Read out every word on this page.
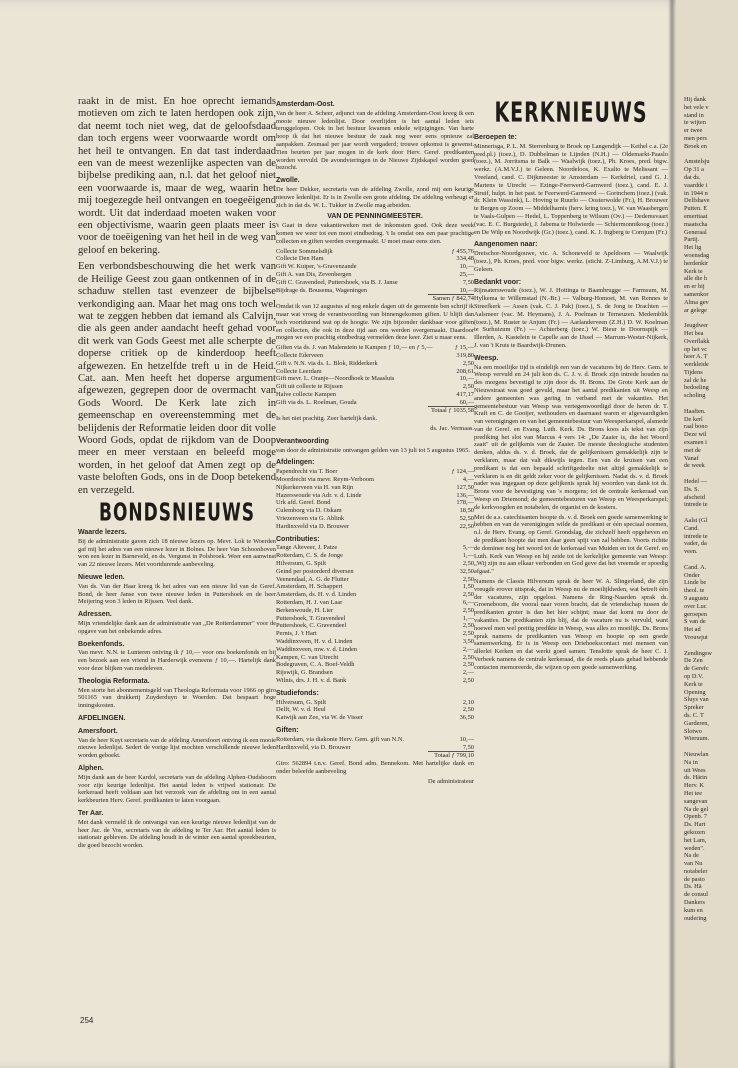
raakt in de mist. En hoe oprecht iemands motieven om zich te laten herdopen ook zijn, dat neemt toch niet weg, dat de geloofsdaad dan toch ergens weer voorwaarde wordt om het heil te ontvangen. En dat tast inderdaad een van de meest wezenlijke aspecten van de bijbelse prediking aan, n.l. dat het geloof niet een voorwaarde is, maar de weg, waarin het mij toegezegde heil ontvangen en toegeëigend wordt. Uit dat inderdaad moeten waken voor een objectivisme, waarin geen plaats meer is voor de toeëigening van het heil in de weg van geloof en bekering.

Een verbondsbeschouwing die het werk van de Heilige Geest zou gaan ontkennen of in de schaduw stellen tast evenzeer de bijbelse verkondiging aan. Maar het mag ons toch wel wat te zeggen hebben dat iemand als Calvijn, die als geen ander aandacht heeft gehad voor dit werk van Gods Geest met alle scherpte de doperse critiek op de kinderdoop heeft afgewezen. En hetzelfde treft u in de Heid. Cat. aan. Men heeft het doperse argument afgewezen, gegrepen door de overmacht van Gods Woord. De Kerk late zich in gemeenschap en overeenstemming met de belijdenis der Reformatie leiden door dit volle Woord Gods, opdat de rijkdom van de Doop meer en meer verstaan en beleefd moge worden, in het geloof dat Amen zegt op de vaste beloften Gods, ons in de Doop betekend en verzegeld.

BONDSNIEUWS
Waarde lezers.

Bij de administratie gaven zich 18 nieuwe lezers op. Mevr. Lok te Woerden gaf mij het adres van een nieuwe lezer in Bolnes. De heer Van Schoonhoven won een lezer in Barneveld, en ds. Vergunst in Polsbroek. Weer een aanwinst van 22 nieuwe lezers. Met voortdurende aanbeveling.

Nieuwe leden.

Van ds. Van der Haar kreeg ik het adres van een nieuw lid van de Geref. Bond, de heer Janse von twee nieuwe leden in Puttershoek en de heer Meijering won 3 leden in Rijssen. Veel dank.

Adressen.

Mijn vriendelijke dank aan de administratie van „De Rotterdammer" voor de opgave van het onbekende adres.

Boekenfonds.

Van mevr. N.N. te Lunteren ontving ik ƒ 10,— voor ons boekenfonds en bij een bezoek aan een vriend in Harderwijk eveneens ƒ 10,—. Hartelijk dank voor deze blijken van medeleven.

Theologia Reformata.

Men storte het abonnementsgeld van Theologia Reformata voor 1966 op giro 501165 van drukkerij Zuyderduyn te Woerden. Dat bespaart hoge inningskosten.

AFDELINGEN.
Amersfoort.

Van de heer Kuyt secretaris van de afdeling Amersfoort ontving ik een mooie nieuwe ledenlijst. Sedert de vorige lijst mochten verschillende nieuwe leden worden geboekt.

Alphen.

Mijn dank aan de heer Kardol, secretaris van de afdeling Alphen-Oudshoorn voor zijn keurige ledenlijst. Het aantal leden is vrijwel stationair. De kerkeraad heeft voldaan aan het verzoek van de afdeling om in een aantal kerkbeurten Herv. Geref. predikanten te laten voorgaan.

Ter Aar.

Met dank vermeld ik de ontvangst van een keurige nieuwe ledenlijst van de heer Jac. de Vos, secretaris van de afdeling te Ter Aar. Het aantal leden is stationair gebleven. De afdeling houdt in de winter een aantal spreekbeurten, die goed bezocht worden.

Amsterdam-Oost.

Van de heer A. Scheer, adjunct van de afdeling Amsterdam-Oost kreeg ik een mooie nieuwe ledenlijst. Door overlijden is het aantal leden iets teruggelopen. Ook in het bestuur kwamen enkele wijzigingen. Van harte hoop ik dat het nieuwe bestuur de zaak nog weer eens opnieuw zal aanpakken. Zesmaal per jaar wordt vergaderd; trouwe opkomst is gewenst. Tien beurten per jaar mogen in de kerk door Herv. Geref. predikanten worden vervuld. De avondvieringen in de Nieuwe Zijdskapel worden goed bezocht.

Zwolle.

De heer Dekker, secretaris van de afdeling Zwolle, zond mij een keurige nieuwe ledenlijst. Er is in Zwolle een grote afdeling. De afdeling verheugt er zich in dat ds. W. L. Tukker in Zwolle mag arbeiden.

VAN DE PENNINGMEESTER.

't Gaat in deze vakantieweken met de inkomsten goed. Ook deze week komen we weer tot een mooi eindbedrag. 't Is omdat ons een paar prachtige collecten en giften werden overgemaakt. U moet maar eens zien.

Collecte Sommelsdijk	ƒ 455,76
Collecte Den Ham	334,48
Gift W. Kuiper, 's-Gravenzande	10,—
Gift A. van Dis, Zevenbergen	25,—
Gift C. Gravendeel, Puttershoek, via B. J. Janse	7,50
Bijdrage ds. Bousema, Wageningen	10,—
Samen ƒ 842,74

Omdat ik van 12 augustus af nog enkele dagen uit de gemeente ben schrijf ik maar wat vroeg de verantwoording van binnengekomen giften. U blijft dan toch voortdurend wat op de hoogte. We zijn bijzonder dankbaar voor giften en collecten, die ook in deze tijd aan ons werden overgemaakt. Daardoor mogen we een prachtig eindbedrag vermelden deze keer. Ziet u maar eens.

Giften via ds. J. van Malenstein te Kampen ƒ 10,— en ƒ 5,—	ƒ 15,—
Collecte Ederveen	319,80
Gift v. N.N. via ds. L. Blok, Ridderkerk	2,50
Collecte Leerdam	208,61
Gift mevr. L. Oranje—Noordhoek te Maasluis	10,—
Gift uit collecte te Rijssen	2,50
Halve collecte Kampen	417,17
Gift via ds. L. Roelman, Gouda	60,—
Totaal ƒ 1035,58

Is het niet prachtig. Zeer hartelijk dank.

ds. Jac. Vermaas.
Verantwoording

van door de administratie ontvangen gelden van 13 juli tot 5 augustus 1965.

Afdelingen:
Papendrecht via T. Boer	ƒ 124,—
Moordrecht via mevr. Reym-Verboom	4,—
Nijkerkerveen via H. van Rijn	127,50
Hazerswoude via Adr. v. d. Linde	136,—
Urk afd. Geref. Bond	178,—
Culemborg via D. Oskam	18,50
Vriezenveen via G. Ablink	52,50
Hardinxveld via D. Brouwer	22,50
Contributies:
Tange Alteveer, J. Patze	5,—
Rotterdam, C. S. de Jonge	1,—
Hilversum, G. Spilt	2,50
Geind per postorderd diversen	32,50
Veenendaal, A. G. de Fluiter	2,50
Amsterdam, H. Schappert	1,50
Amsterdam, ds. H. v. d. Linden	2,50
Rotterdam, H. J. van Laar	6,—
Berkenwoude, H. Lier	2,50
Puttershoek, T. Gravendeel	1,—
Puttershoek, C. Gravendeel	2,50
Pernis, J. 't Hart	2,50
Waddinxveen, H. v. d. Linden	3,50
Waddinxveen, mw. v. d. Linden	2,—
Kampen, C. van Utrecht	2,50
Bodegraven, C. A. Boef-Veldh	2,50
Rijswijk, G. Brandsen	2,—
Wilnis, drs. J. H. v. d. Bank	2,50
Studiefonds:
Hilversum, G. Spilt	2,10
Delft, W. v. d. Heul	2,50
Katwijk aan Zee, via W. de Visser	36,50
Giften:
Rotterdam, via diakonie Herv. Gem. gift van N.N.	10,—
Hardinxveld, via D. Brouwer	7,50
Totaal ƒ 799,10

Giro: 562894 t.n.v. Geref. Bond adm. Bennekom. Met hartelijke dank en onder beleefde aanbeveling

De administrateur
KERKNIEUWS
Beroepen te:

Minnertsga, P. L. M. Sterrenburg te Broek op Langendijk — Kethel c.a. (2e pred.pl.) (toez.), D. Dubbelman te Lijnden (N.H.) — Oldemarkt-Paaslo (toez.), M. Jorritsma te Balk — Waalwijk (toez.), Ph. Kroes, pred. btgw. werkz. (A.M.V.J.) te Geleen. Noordeloos, K. Exalto te Melissant — Vreeland, cand. C. Dijkmeester te Amsterdam — Kerkdriel, cand G. J. Martens te Utrecht — Ezinge-Feerwerd-Garnwerd (toez.), cand. E. J. Struif, hulpt. in het past. te Feerwerd-Garnwerd — Gorinchem (toez.) (vak. dr. Klein Wassink), L. Hoving te Ruurlo — Oosterwolde (Fr.), H. Brouwer te Bergen op Zoom — Middelharnis (herv. kring toez.), W. van Waasbergen te Vaals-Gulpen — Hedel, L. Toppenberg te Wilsum (Ov.) — Dedemsvaart (vac. E. C. Burgstede), J. Jabema te Holwierde — Schiermonnikoog (toez.) en De Wilp en Noordwijk (Gr.) (toez.), cand. K. J. Ingberg te Cornjum (Fr.)

Aangenomen naar:

Dreischor-Noordgouwe, vic. A. Schoneveld te Apeldoorn — Waalwijk (toez.), Ph. Kroes, pred. voor bigw. werkz. (sticht. Z-Limburg, A.M.V.J.) te Geleen.

Bedankt voor:

Rijnsaterswoude (toez.), W. J. Hottinga te Baambrugge — Farmsum, M. Hylkema te Willemstad (N.-Br.) — Valburg-Homoet, M. van Rennes te Streefkerk — Assen (vak. C. J. Pak) (toez.), S. de Jong te Drachten — Aalsmeer (vac. M. Heymans), J. A. Poelman te Terneuzen. Medemblik (toez.), M. Ruster te Anjum (Fr.) — Aarlanderveen (Z.H.) D. W. Koelman te Surhuizum (Fr.) — Achterberg (toez.) W. Bieur te Doornspijk — Illerden, A. Kastelein te Capelle aan de IJssel — Marrum-Wester-Nijkerk, J. van 't Kruis te Baardwijk-Drunen.

Weesp.

Na een moeilijke tijd is eindelijk een van de vacatures bij de Herv. Gem. te Weesp vervuld en 24 juli kon ds. C. J. v. d. Broek zijn intrede houden na des morgens bevestigd te zijn door ds. H. Brons. De Grote Kerk aan de Nieuwstraat was goed gevuld, maar het aantal predikanten uit Weesp en andere gemeenten was gering in verband met de vakanties. Het gemeentebestuur van Weesp was vertegenwoordigd door de heren dr. T. Kraft en C. de Gooijer, wethouders en daarnaast waren er afgevaardigden van verenigingen en van het gemeentebestuur van Weesperkarspel, alsmede van de Geref. en Evang. Luth. Kerk. Ds. Brons koos als tekst van zijn prediking het slot van Marcus 4 vers 14: „De Zaaier is, die het Woord zaait" uit de gelijkenis van de Zaaier. De meeste theologische studenten denken, aldus ds. v. d. Broek, dat de gelijkenissen gemakkelijk zijn te verklaren, maar dat valt dikwijls tegen. Een van de kruisen van een predikant is dat een bepaald schriftgedeelte niet altijd gemakkelijk te verklaren is en dit geldt zeker voor de gelijkenissen. Nadat ds. v. d. Broek nader was ingegaan op deze gelijkenis sprak hij woorden van dank tot ds. Brons voor de bevestiging van 's morgens; tot de centrale kerkeraad van Weesp en Driemond; de gemeentebesturen van Weesp en Weesperkarspel; de kerkvoogden en notabelen, de organist en de kosters.

Met de a.s. catechisanten hoopte ds. v. d. Broek een goede samenwerking te hebben en van de verenigingen wilde de predikant er één speciaal noemen, n.l. de Herv. Evang. op Geref. Grondslag, die zichzelf heeft opgeheven en de predikant hoopte dat men daar geen spijt van zal hebben. Voorts richtte de dominee nog het woord tot de kerkeraad van Muiden en tot de Geref. en Luth. Kerk van Weesp en hij zeide tot de kerkelijke gemeente van Weesp: „Wij zijn nu aan elkaar verbonden en God geve dat het vreemde er spoedig afgaat."

Namens de Classis Hilversum sprak de heer W. A. Slingerland, die zijn vreugde erover uitsprak, dat in Weesp nu de moeilijkheden, wat betreft één der vacatures, zijn opgelost. Namens de Ring-Naarden sprak ds. Groeneboom, die vooral naar voren bracht, dat de vriendschap tussen de predikanten groter is dan het hier schijnt; maar dat komt nu door de vakanties. De predikanten zijn blij, dat de vacature nu is vervuld, want hoewel men wel prettig predikte in Weesp, was alles zo moeilijk. Ds. Brons sprak namens de predikanten van Weesp en hoopte op een goede samenwerking. Er is in Weesp een Driehoekscontact met mensen van allerlei Kerken en dat werkt goed samen. Tenslotte sprak de heer C. J. Verbeek namens de centrale kerkeraad, die de reeds plaats gehad hebbende contacten memoreerde, die wijzen op een goede samenwerking.

254
Hij dank
het vele v
stand in
te wijten
er twee
men pers
Broek en
Amstelsju
Op 31 a
dat ds.
vaardde i
in 1944 n
Delfshave
Putten. E
emeritaat
maatscha
Generaal
Partij.
Het lig
woensdag
herdenkir
Kerk te
alle die h
en er bij
samenkor
Alma gev
ar gelege
Jeugdwer
Het bea
Overflakk
op het vc
heer A. T
werkleide
Tijdens
zal de he
bedoeling
scholing
Haaften.
De kerl
raal bono
Deze wil
examen i
met de
Vanaf
de week
Hedel —
Ds. S.
afscheid
intrede te
Aalst (Gl
Cand.
intrede te
vader, da
veen.
Cand. A.
Onder
Linde be
theol. te
9 augustu
over Luc
geroepen
S van de
Het ad
Vrouwjut
Zendingsw
De Zen
de Gerefc
op D.V.
Kerk te
Opening
Sluys van
Spreker
ds. C. T
Garderen,
Slotwo
Wieruum.
Nieuwlan
Na in
uit Wees
ds. Härin
Herv. K
Het tee
sangevan
Na de gel
Openb. 7
Ds. Hart
gekozen
het Lam,
weden".
Na de
van Nu
notabeler
de pasto
Ds. Hä
de consul
Dankers
kum en
oudering
